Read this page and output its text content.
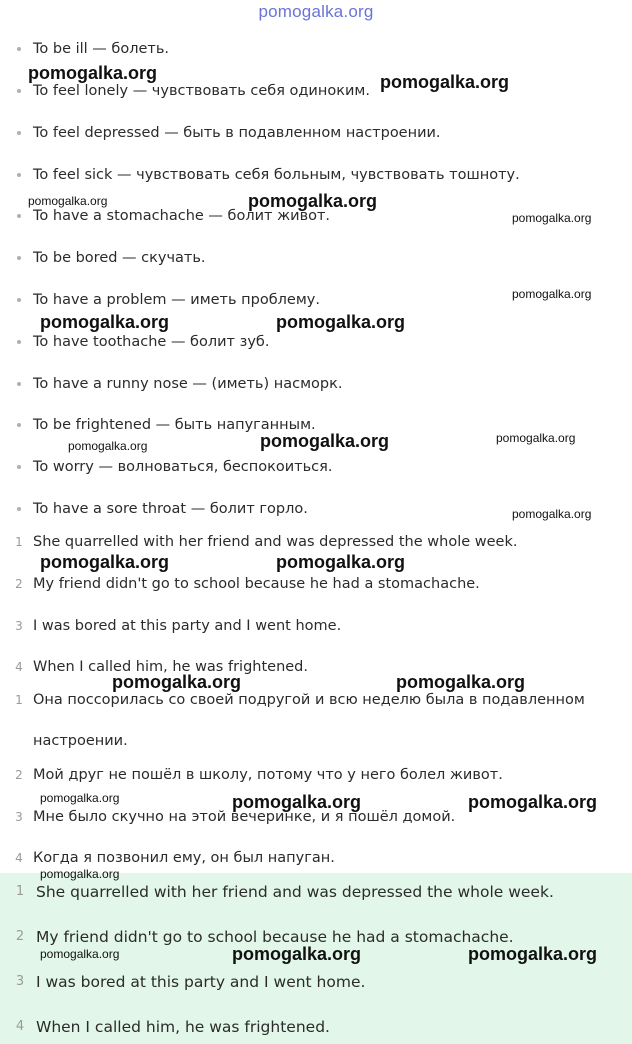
pomogalka.org
To be ill — болеть.
To feel lonely — чувствовать себя одиноким.
To feel depressed — быть в подавленном настроении.
To feel sick — чувствовать себя больным, чувствовать тошноту.
To have a stomachache — болит живот.
To be bored — скучать.
To have a problem — иметь проблему.
To have toothache — болит зуб.
To have a runny nose — (иметь) насморк.
To be frightened — быть напуганным.
To worry — волноваться, беспокоиться.
To have a sore throat — болит горло.
1 She quarrelled with her friend and was depressed the whole week.
2 My friend didn't go to school because he had a stomachache.
3 I was bored at this party and I went home.
4 When I called him, he was frightened.
1 Она поссорилась со своей подругой и всю неделю была в подавленном настроении.
2 Мой друг не пошёл в школу, потому что у него болел живот.
3 Мне было скучно на этой вечеринке, и я пошёл домой.
4 Когда я позвонил ему, он был напуган.
1 She quarrelled with her friend and was depressed the whole week.
2 My friend didn't go to school because he had a stomachache.
3 I was bored at this party and I went home.
4 When I called him, he was frightened.
pomogalka.org	pomogalka.org
pomogalka.org	pomogalka.org
pomogalka.org
pomogalka.org
pomogalka.org	pomogalka.org
pomogalka.org	pomogalka.org	pomogalka.org
pomogalka.org
pomogalka.org	pomogalka.org
pomogalka.org	pomogalka.org
pomogalka.org	pomogalka.org	pomogalka.org
pomogalka.org
pomogalka.org	pomogalka.org	pomogalka.org
